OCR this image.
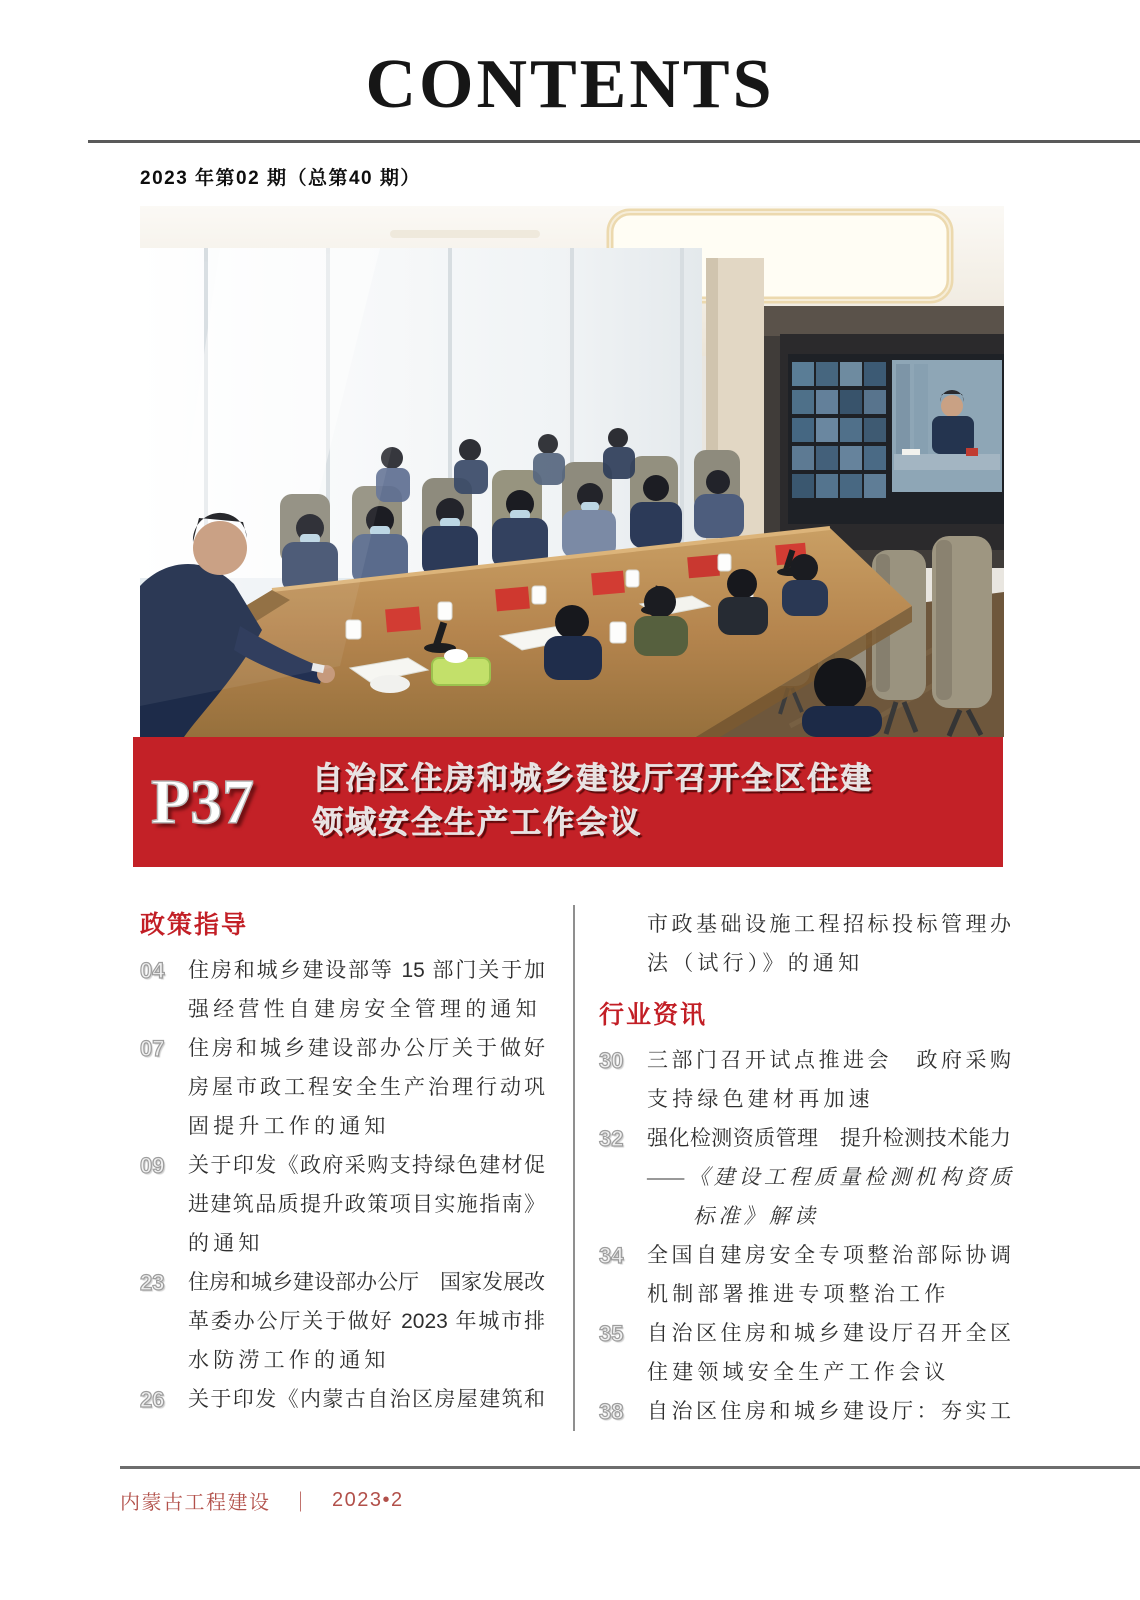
CONTENTS
2023 年第02 期（总第40 期）
P37 自治区住房和城乡建设厅召开全区住建
领域安全生产工作会议
政策指导
04	住房和城乡建设部等 15 部门关于加
强经营性自建房安全管理的通知
07	住房和城乡建设部办公厅关于做好
房屋市政工程安全生产治理行动巩
固提升工作的通知
09	关于印发《政府采购支持绿色建材促
进建筑品质提升政策项目实施指南》
的通知
23	住房和城乡建设部办公厅　国家发展改
革委办公厅关于做好 2023 年城市排
水防涝工作的通知
26	关于印发《内蒙古自治区房屋建筑和
市政基础设施工程招标投标管理办
法（试行）》的通知
行业资讯
30	三部门召开试点推进会　政府采购
支持绿色建材再加速
32	强化检测资质管理　提升检测技术能力
——《建设工程质量检测机构资质
标准》解读
34	全国自建房安全专项整治部际协调
机制部署推进专项整治工作
35	自治区住房和城乡建设厅召开全区
住建领域安全生产工作会议
38	自治区住房和城乡建设厅：夯实工
内蒙古工程建设 ｜ 2023•2
